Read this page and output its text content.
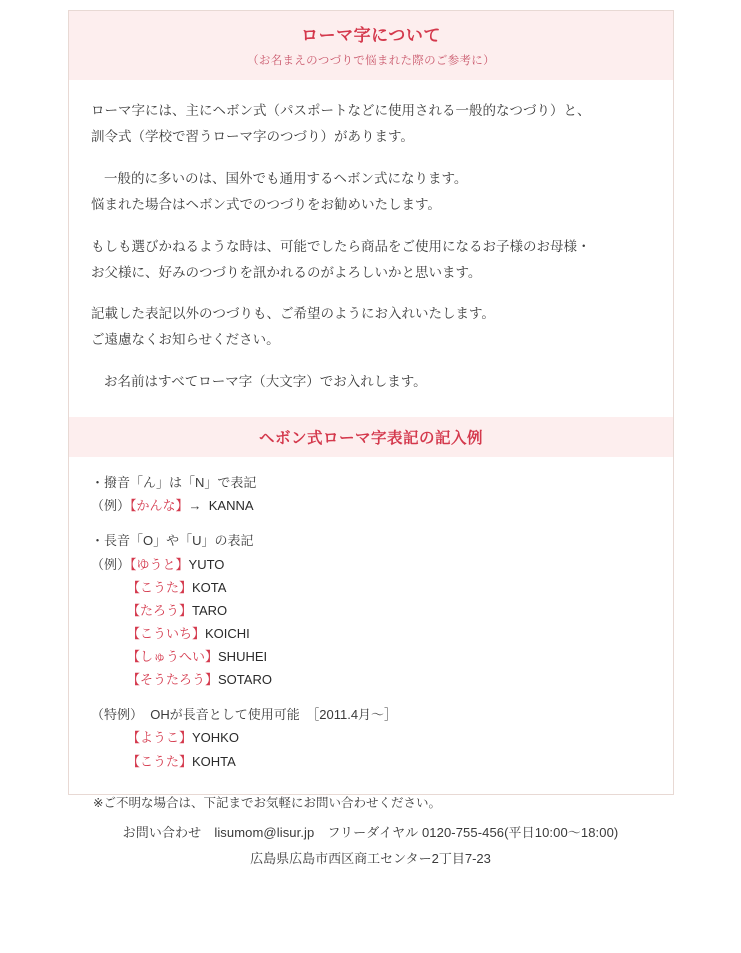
ローマ字について
（お名まえのつづりで悩まれた際のご参考に）

ローマ字には、主にヘボン式（パスポートなどに使用される一般的なつづり）と、

訓令式（学校で習うローマ字のつづり）があります。

一般的に多いのは、国外でも通用するヘボン式になります。

悩まれた場合はヘボン式でのつづりをお勧めいたします。

もしも選びかねるような時は、可能でしたら商品をご使用になるお子様のお母様・

お父様に、好みのつづりを訊かれるのがよろしいかと思います。

記載した表記以外のつづりも、ご希望のようにお入れいたします。

ご遠慮なくお知らせください。

お名前はすべてローマ字（大文字）でお入れします。

ヘボン式ローマ字表記の記入例
・撥音「ん」は「N」で表記
（例）【かんな】→ KANNA
・長音「O」や「U」の表記
（例）【ゆうと】YUTO
【こうた】KOTA
【たろう】TARO
【こういち】KOICHI
【しゅうへい】SHUHEI
【そうたろう】SOTARO
（特例） OHが長音として使用可能　［2011.4月〜］
【ようこ】YOHKO
【こうた】KOHTA
※ご不明な場合は、下記までお気軽にお問い合わせください。
お問い合わせ　lisumom@lisur.jp　フリーダイヤル 0120-755-456(平日10:00〜18:00)
広島県広島市西区商工センター2丁目7-23
